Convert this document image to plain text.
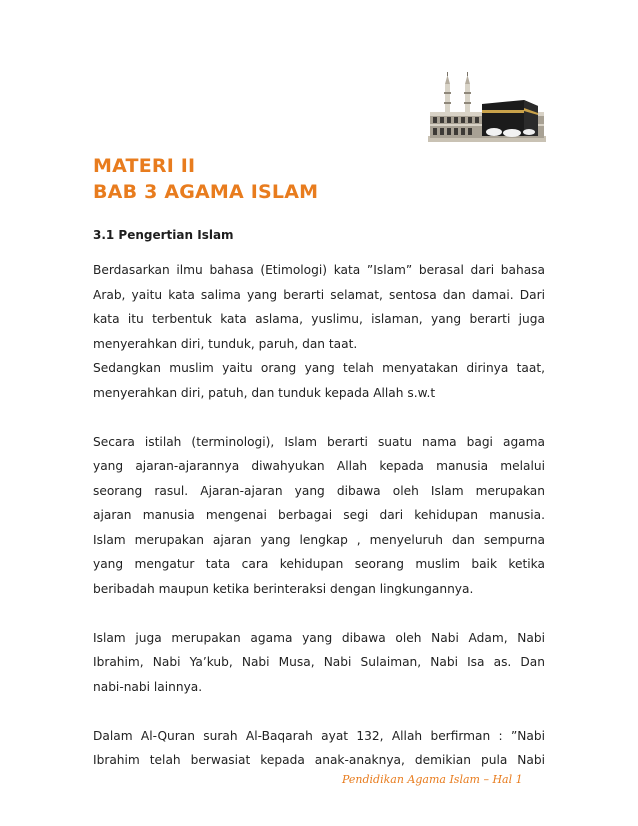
MATERI II
BAB 3 AGAMA ISLAM
3.1 Pengertian Islam

Berdasarkan ilmu bahasa (Etimologi) kata ”Islam” berasal dari bahasa
Arab, yaitu kata salima yang berarti selamat, sentosa dan damai. Dari
kata itu terbentuk kata aslama, yuslimu, islaman, yang berarti juga
menyerahkan diri, tunduk, paruh, dan taat.
Sedangkan muslim yaitu orang yang telah menyatakan dirinya taat,
menyerahkan diri, patuh, dan tunduk kepada Allah s.w.t

Secara istilah (terminologi), Islam berarti suatu nama bagi agama
yang ajaran-ajarannya diwahyukan Allah kepada manusia melalui
seorang rasul. Ajaran-ajaran yang dibawa oleh Islam merupakan
ajaran manusia mengenai berbagai segi dari kehidupan manusia.
Islam merupakan ajaran yang lengkap , menyeluruh dan sempurna
yang mengatur tata cara kehidupan seorang muslim baik ketika
beribadah maupun ketika berinteraksi dengan lingkungannya.

Islam juga merupakan agama yang dibawa oleh Nabi Adam, Nabi
Ibrahim, Nabi Ya’kub, Nabi Musa, Nabi Sulaiman, Nabi Isa as. Dan
nabi-nabi lainnya.

Dalam Al-Quran surah Al-Baqarah ayat 132, Allah berfirman : ”Nabi
Ibrahim telah berwasiat kepada anak-anaknya, demikian pula Nabi

Pendidikan Agama Islam – Hal 1
